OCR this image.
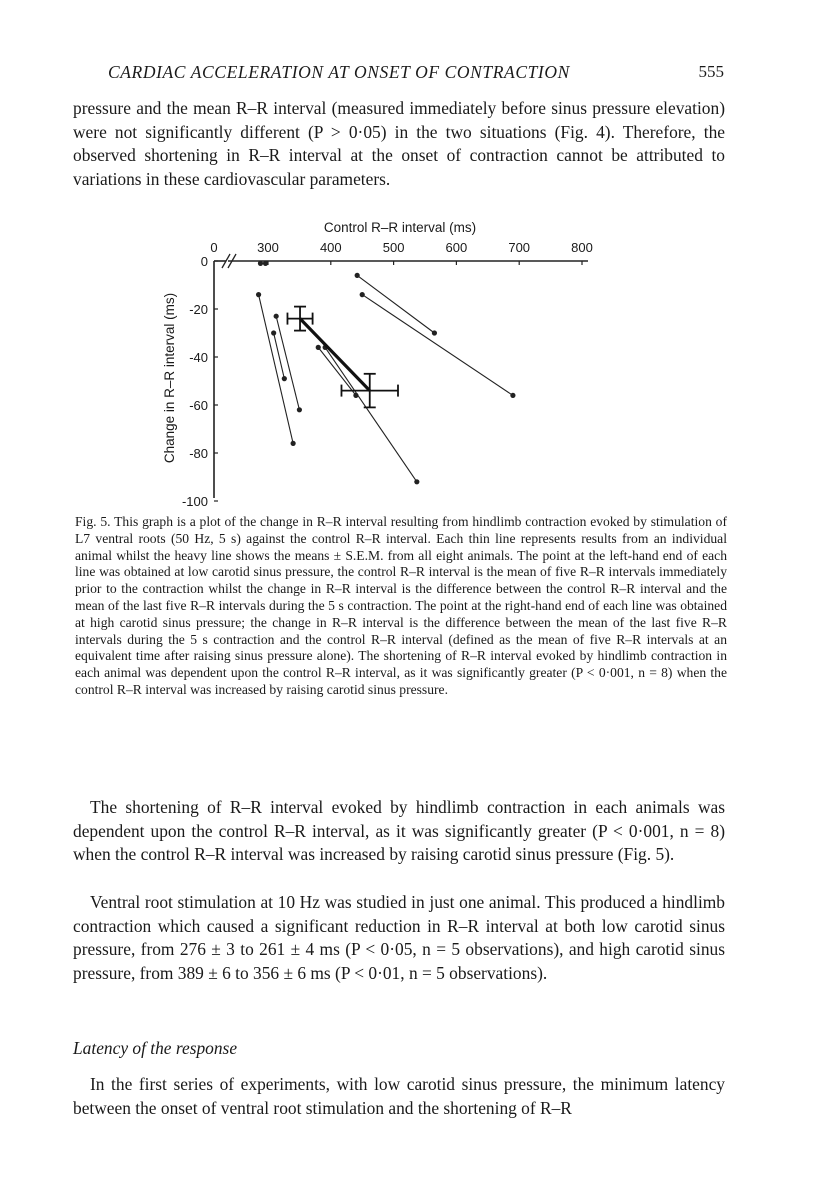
CARDIAC ACCELERATION AT ONSET OF CONTRACTION	555

pressure and the mean R–R interval (measured immediately before sinus pressure elevation) were not significantly different (P > 0·05) in the two situations (Fig. 4). Therefore, the observed shortening in R–R interval at the onset of contraction cannot be attributed to variations in these cardiovascular parameters.

Control R–R interval (ms)
0	300	400	500	600	700	800
0
-20
-40
-60
-80
-100
Change in R–R interval (ms)

Fig. 5. This graph is a plot of the change in R–R interval resulting from hindlimb contraction evoked by stimulation of L7 ventral roots (50 Hz, 5 s) against the control R–R interval. Each thin line represents results from an individual animal whilst the heavy line shows the means ± S.E.M. from all eight animals. The point at the left-hand end of each line was obtained at low carotid sinus pressure, the control R–R interval is the mean of five R–R intervals immediately prior to the contraction whilst the change in R–R interval is the difference between the control R–R interval and the mean of the last five R–R intervals during the 5 s contraction. The point at the right-hand end of each line was obtained at high carotid sinus pressure; the change in R–R interval is the difference between the mean of the last five R–R intervals during the 5 s contraction and the control R–R interval (defined as the mean of five R–R intervals at an equivalent time after raising sinus pressure alone). The shortening of R–R interval evoked by hindlimb contraction in each animal was dependent upon the control R–R interval, as it was significantly greater (P < 0·001, n = 8) when the control R–R interval was increased by raising carotid sinus pressure.

The shortening of R–R interval evoked by hindlimb contraction in each animals was dependent upon the control R–R interval, as it was significantly greater (P < 0·001, n = 8) when the control R–R interval was increased by raising carotid sinus pressure (Fig. 5).

Ventral root stimulation at 10 Hz was studied in just one animal. This produced a hindlimb contraction which caused a significant reduction in R–R interval at both low carotid sinus pressure, from 276 ± 3 to 261 ± 4 ms (P < 0·05, n = 5 observations), and high carotid sinus pressure, from 389 ± 6 to 356 ± 6 ms (P < 0·01, n = 5 observations).

Latency of the response

In the first series of experiments, with low carotid sinus pressure, the minimum latency between the onset of ventral root stimulation and the shortening of R–R
